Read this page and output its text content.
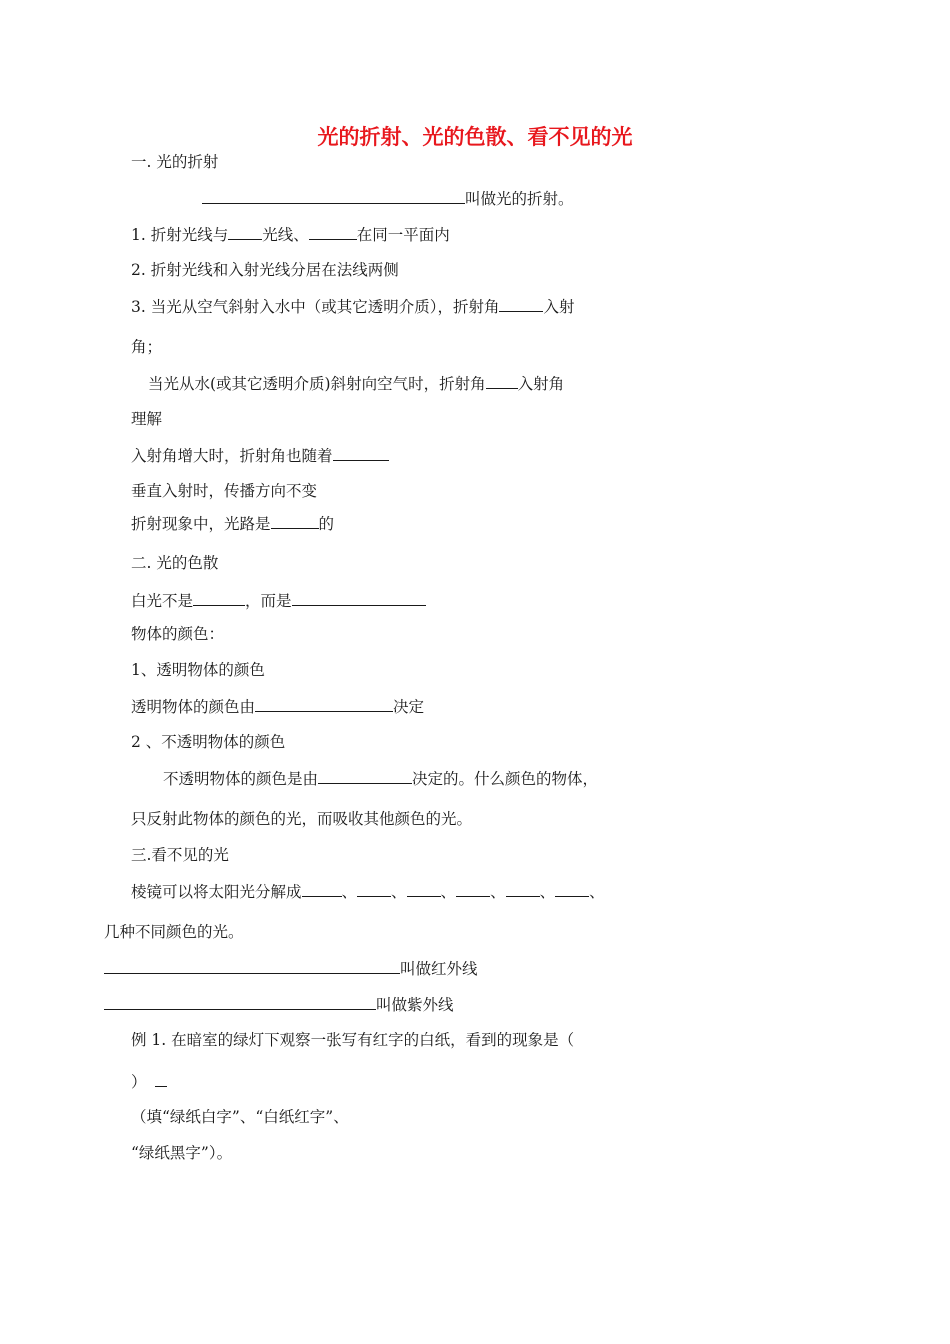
光的折射、光的色散、看不见的光
一. 光的折射
叫做光的折射。
1. 折射光线与 光线、	在同一平面内
2. 折射光线和入射光线分居在法线两侧
3. 当光从空气斜射入水中（或其它透明介质），折射角	入射
角；
当光从水(或其它透明介质)斜射向空气时，折射角 入射角
理解
入射角增大时，折射角也随着
垂直入射时，传播方向不变
折射现象中，光路是	的
二. 光的色散
白光不是	，而是
物体的颜色：
1、透明物体的颜色
透明物体的颜色由	决定
2 、不透明物体的颜色
不透明物体的颜色是由	决定的。什么颜色的物体，
只反射此物体的颜色的光，而吸收其他颜色的光。
三.看不见的光
棱镜可以将太阳光分解成	、 、 、 、 、 、
几种不同颜色的光。
叫做红外线
叫做紫外线
例 1. 在暗室的绿灯下观察一张写有红字的白纸，看到的现象是（
）
（填“绿纸白字”、“白纸红字”、
“绿纸黑字”）。
